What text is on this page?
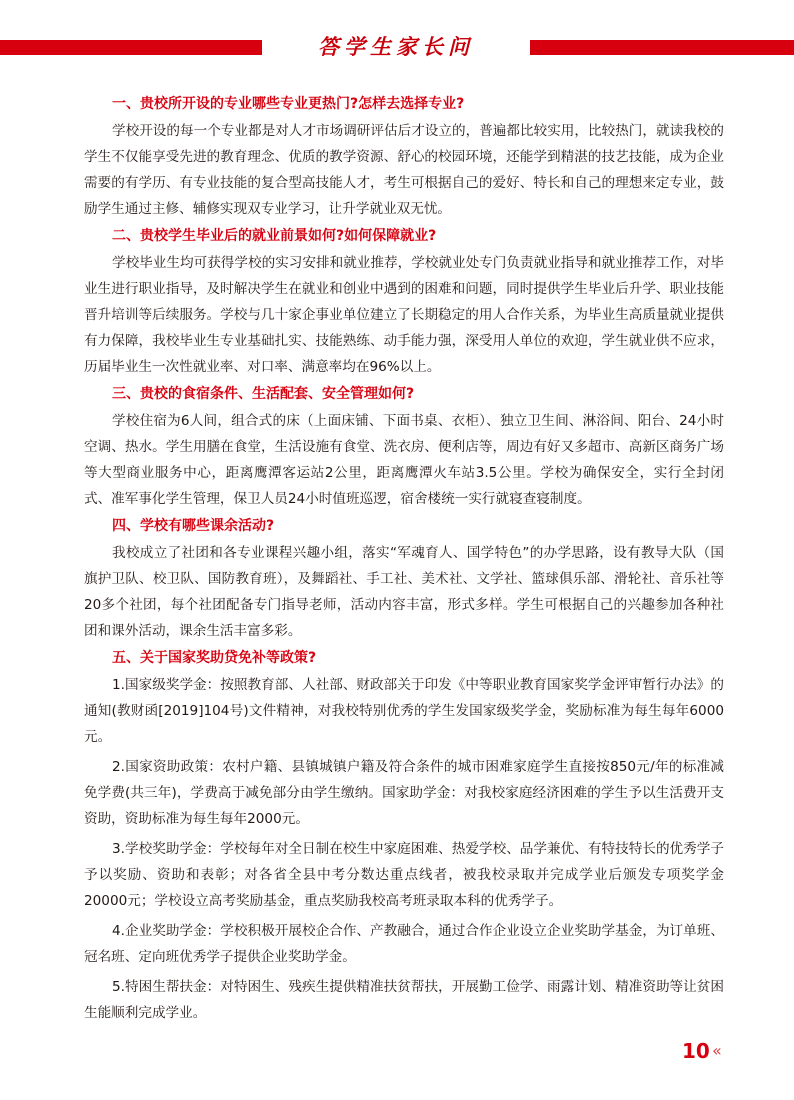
答学生家长问

一、贵校所开设的专业哪些专业更热门?怎样去选择专业?

学校开设的每一个专业都是对人才市场调研评估后才设立的，普遍都比较实用，比较热门，就读我校的学生不仅能享受先进的教育理念、优质的教学资源、舒心的校园环境，还能学到精湛的技艺技能，成为企业需要的有学历、有专业技能的复合型高技能人才，考生可根据自己的爱好、特长和自己的理想来定专业，鼓励学生通过主修、辅修实现双专业学习，让升学就业双无忧。

二、贵校学生毕业后的就业前景如何?如何保障就业?

学校毕业生均可获得学校的实习安排和就业推荐，学校就业处专门负责就业指导和就业推荐工作，对毕业生进行职业指导，及时解决学生在就业和创业中遇到的困难和问题，同时提供学生毕业后升学、职业技能晋升培训等后续服务。学校与几十家企事业单位建立了长期稳定的用人合作关系，为毕业生高质量就业提供有力保障，我校毕业生专业基础扎实、技能熟练、动手能力强，深受用人单位的欢迎，学生就业供不应求，历届毕业生一次性就业率、对口率、满意率均在96%以上。

三、贵校的食宿条件、生活配套、安全管理如何?

学校住宿为6人间，组合式的床（上面床铺、下面书桌、衣柜）、独立卫生间、淋浴间、阳台、24小时空调、热水。学生用膳在食堂，生活设施有食堂、洗衣房、便利店等，周边有好又多超市、高新区商务广场等大型商业服务中心，距离鹰潭客运站2公里，距离鹰潭火车站3.5公里。学校为确保安全，实行全封闭式、准军事化学生管理，保卫人员24小时值班巡逻，宿舍楼统一实行就寝查寝制度。

四、学校有哪些课余活动?

我校成立了社团和各专业课程兴趣小组，落实“军魂育人、国学特色”的办学思路，设有教导大队（国旗护卫队、校卫队、国防教育班），及舞蹈社、手工社、美术社、文学社、篮球俱乐部、滑轮社、音乐社等20多个社团，每个社团配备专门指导老师，活动内容丰富，形式多样。学生可根据自己的兴趣参加各种社团和课外活动，课余生活丰富多彩。

五、关于国家奖助贷免补等政策?

1.国家级奖学金：按照教育部、人社部、财政部关于印发《中等职业教育国家奖学金评审暂行办法》的通知(教财函[2019]104号)文件精神，对我校特别优秀的学生发国家级奖学金，奖励标准为每生每年6000元。

2.国家资助政策：农村户籍、县镇城镇户籍及符合条件的城市困难家庭学生直接按850元/年的标准减免学费(共三年)，学费高于减免部分由学生缴纳。国家助学金：对我校家庭经济困难的学生予以生活费开支资助，资助标准为每生每年2000元。

3.学校奖助学金：学校每年对全日制在校生中家庭困难、热爱学校、品学兼优、有特技特长的优秀学子予以奖励、资助和表彰；对各省全县中考分数达重点线者，被我校录取并完成学业后颁发专项奖学金20000元；学校设立高考奖励基金，重点奖励我校高考班录取本科的优秀学子。

4.企业奖助学金：学校积极开展校企合作、产教融合，通过合作企业设立企业奖助学基金，为订单班、冠名班、定向班优秀学子提供企业奖助学金。

5.特困生帮扶金：对特困生、残疾生提供精准扶贫帮扶，开展勤工俭学、雨露计划、精准资助等让贫困生能顺利完成学业。

10 «
